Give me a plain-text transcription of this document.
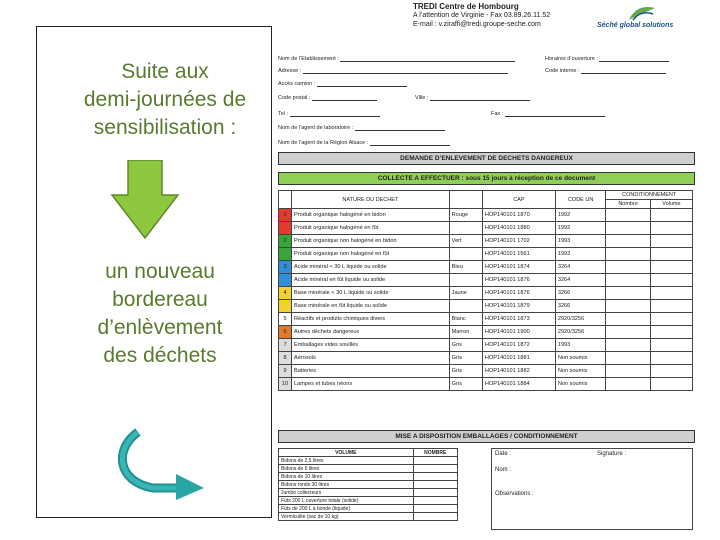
Suite aux
demi-journées de
sensibilisation :
un nouveau
bordereau
d’enlèvement
des déchets
TREDI Centre de Hombourg
A l’attention de Virginie - Fax 03.89.26.11.52
E-mail : v.ziraffi@tredi.groupe-seche.com	Séché global solutions
Nom de l’Etablissement :	Horaires d’ouverture :
Adresse :	Code interne :
Accès camion :
Code postal :	Ville :
Tel :	Fax :
Nom de l’agent de laboratoire :
Nom de l’agent de la Région Alsace :
DEMANDE D’ENLEVEMENT DE DECHETS DANGEREUX
COLLECTE A EFFECTUER : sous 15 jours à réception de ce document
	NATURE DU DECHET		CAP	CODE UN	CONDITIONNEMENT	
					Nombre	Volume
1	Produit organique halogéné en bidon	Rouge	HOP140101 1870	1992		
	Produit organique halogéné en fût		HOP140101 1880	1992		
2	Produit organique non halogéné en bidon	Vert	HOP140101 1702	1993		
	Produit organique non halogéné en fût		HOP140101 1561	1993		
3	Acide minéral < 30 L liquide ou solide	Bleu	HOP140101 1874	3264		
	Acide minéral en fût liquide ou solide		HOP140101 1876	3264		
4	Base minérale < 30 L liquide ou solide	Jaune	HOP140101 1876	3266		
	Base minérale en fût liquide ou solide		HOP140101 1879	3266		
5	Réactifs et produits chimiques divers	Blanc	HOP140101 1873	2920/3256		
6	Autres déchets dangereux	Marron	HOP140101 1900	2920/3256		
7	Emballages vides souillés	Gris	HOP140101 1872	1993		
8	Aérosols	Gris	HOP140101 1881	Non soumis		
9	Batteries	Gris	HOP140101 1882	Non soumis		
10	Lampes et tubes néons	Gris	HOP140101 1884	Non soumis		
MISE A DISPOSITION EMBALLAGES / CONDITIONNEMENT
VOLUME	NOMBRE
Bidons de 2,5 litres	
Bidons de 5 litres	
Bidons de 10 litres	
Bidons ronds 30 litres	
Jumbo collecteurs	
Fûts 200 L ouverture totale (solide)	
Fûts de 200 L à bonde (liquide)	
Vermiculite (sac de 10 kg)	
Date :	Signature :
Nom :
Observations :
